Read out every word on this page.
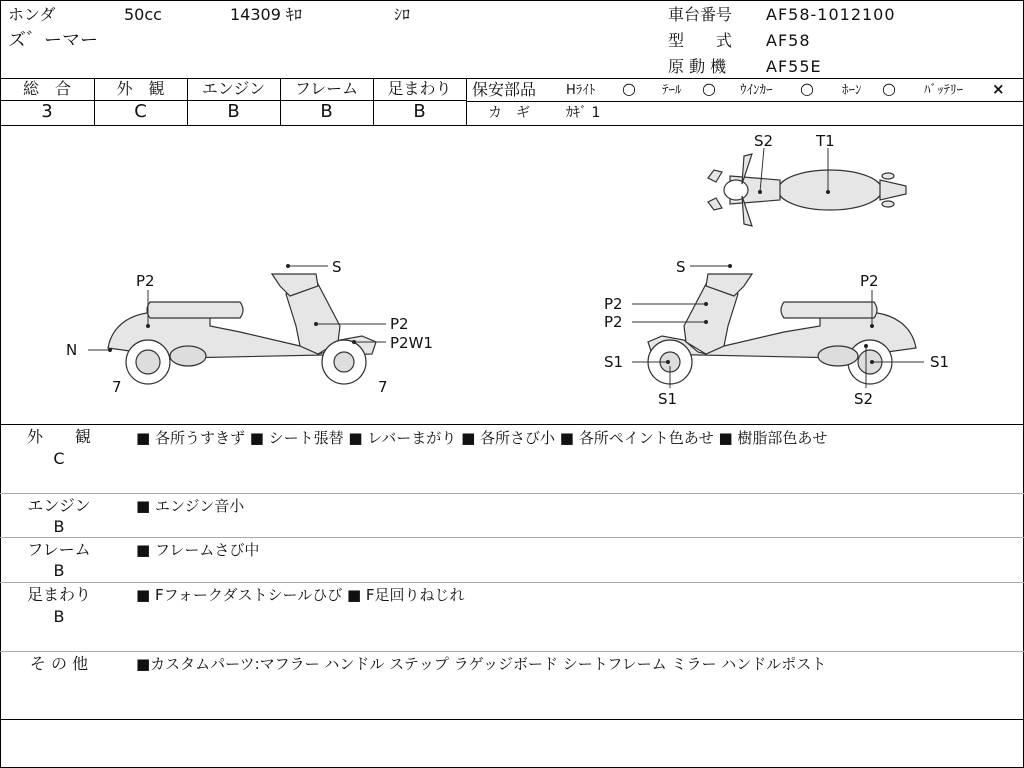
ホンダ	50cc	14309 ｷﾛ	ｼﾛ
ズ゛ーマー
車台番号 AF58-1012100
型　　式 AF58
原 動 機 AF55E
総　合	外　観	エンジン	フレーム	足まわり
3	C	B	B	B
保安部品 Hﾗｲﾄ ○ ﾃｰﾙ ○ ｳｲﾝｶｰ ○ ﾎｰﾝ ○ ﾊﾞｯﾃﾘｰ ×
カ　ギ	ｶｷﾞ 1
S
P2
P2
P2W1
N
7	7
S
P2
P2
P2
S1	S1
S1	S2
S2	T1
外　　観
C
■ 各所うすきず ■ シート張替 ■ レバーまがり ■ 各所さび小 ■ 各所ペイント色あせ ■ 樹脂部色あせ
エンジン
B
■ エンジン音小
フレーム
B
■ フレームさび中
足まわり
B
■ Fフォークダストシールひび ■ F足回りねじれ
そ の 他	■カスタムパーツ:マフラー ハンドル ステップ ラゲッジボード シートフレーム ミラー ハンドルポスト
